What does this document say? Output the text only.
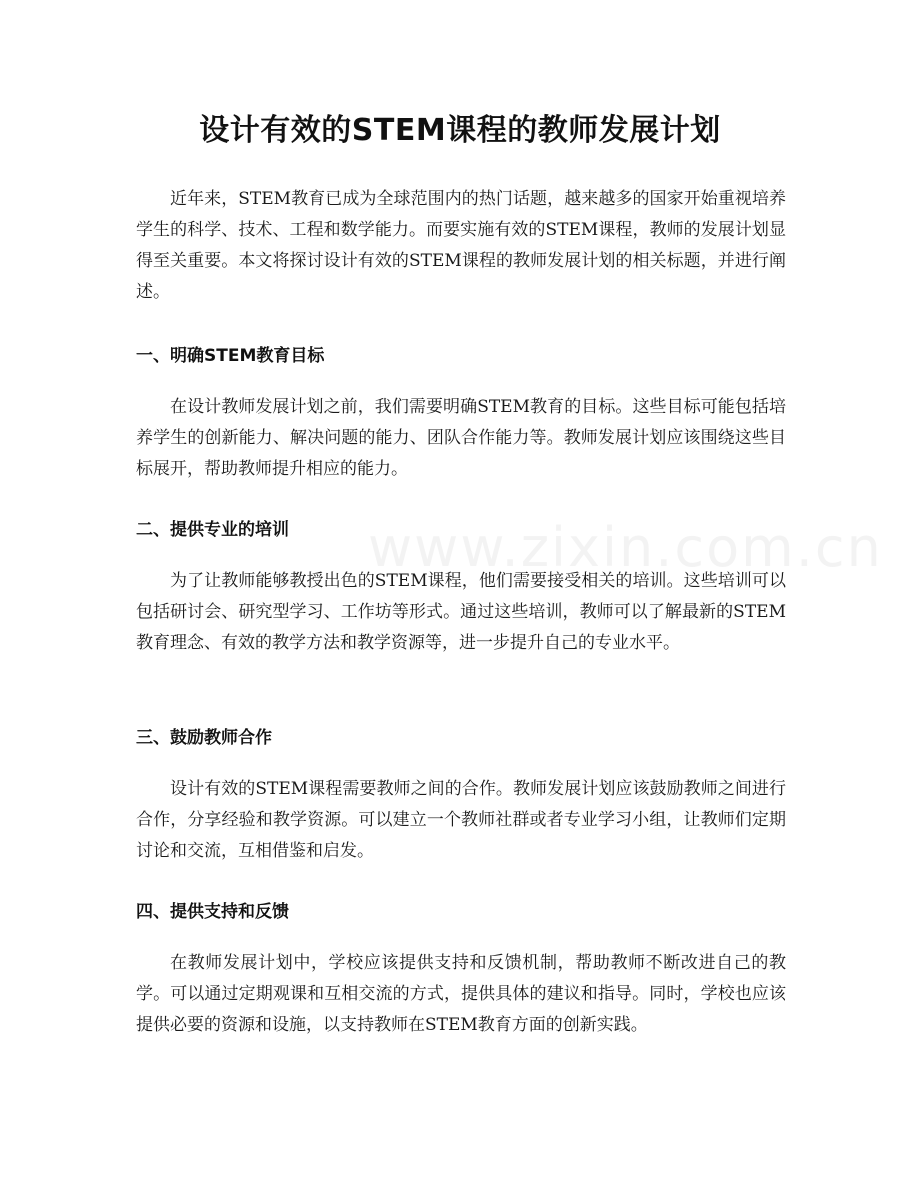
设计有效的STEM课程的教师发展计划

近年来，STEM教育已成为全球范围内的热门话题，越来越多的国家开始重视培养学生的科学、技术、工程和数学能力。而要实施有效的STEM课程，教师的发展计划显得至关重要。本文将探讨设计有效的STEM课程的教师发展计划的相关标题，并进行阐述。

一、明确STEM教育目标

在设计教师发展计划之前，我们需要明确STEM教育的目标。这些目标可能包括培养学生的创新能力、解决问题的能力、团队合作能力等。教师发展计划应该围绕这些目标展开，帮助教师提升相应的能力。

二、提供专业的培训

为了让教师能够教授出色的STEM课程，他们需要接受相关的培训。这些培训可以包括研讨会、研究型学习、工作坊等形式。通过这些培训，教师可以了解最新的STEM教育理念、有效的教学方法和教学资源等，进一步提升自己的专业水平。

三、鼓励教师合作

设计有效的STEM课程需要教师之间的合作。教师发展计划应该鼓励教师之间进行合作，分享经验和教学资源。可以建立一个教师社群或者专业学习小组，让教师们定期讨论和交流，互相借鉴和启发。

四、提供支持和反馈

在教师发展计划中，学校应该提供支持和反馈机制，帮助教师不断改进自己的教学。可以通过定期观课和互相交流的方式，提供具体的建议和指导。同时，学校也应该提供必要的资源和设施，以支持教师在STEM教育方面的创新实践。

www.zixin.com.cn
